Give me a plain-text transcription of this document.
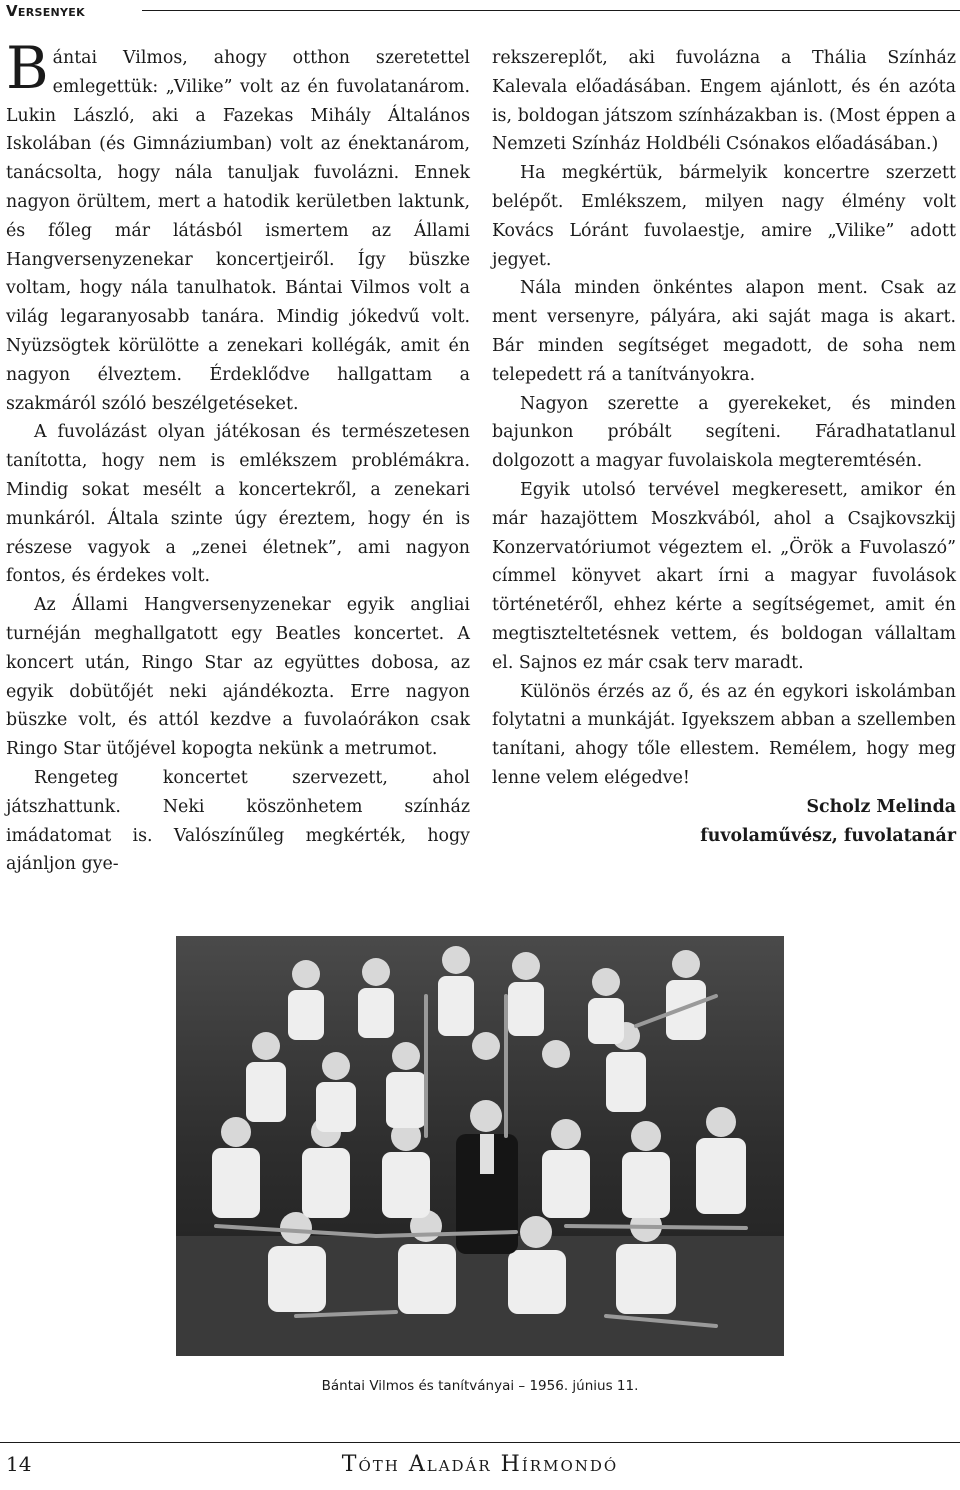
Versenyek

Bántai Vilmos, ahogy otthon szeretettel emlegettük: „Vilike” volt az én fuvolatanárom. Lukin László, aki a Fazekas Mihály Általános Iskolában (és Gimnáziumban) volt az énektanárom, tanácsolta, hogy nála tanuljak fuvolázni. Ennek nagyon örültem, mert a hatodik kerületben laktunk, és főleg már látásból ismertem az Állami Hangversenyzenekar koncertjeiről. Így büszke voltam, hogy nála tanulhatok. Bántai Vilmos volt a világ legaranyosabb tanára. Mindig jókedvű volt. Nyüzsögtek körülötte a zenekari kollégák, amit én nagyon élveztem. Érdeklődve hallgattam a szakmáról szóló beszélgetéseket.

A fuvolázást olyan játékosan és természetesen tanította, hogy nem is emlékszem problémákra. Mindig sokat mesélt a koncertekről, a zenekari munkáról. Általa szinte úgy éreztem, hogy én is részese vagyok a „zenei életnek”, ami nagyon fontos, és érdekes volt.

Az Állami Hangversenyzenekar egyik angliai turnéján meghallgatott egy Beatles koncertet. A koncert után, Ringo Star az együttes dobosa, az egyik dobütőjét neki ajándékozta. Erre nagyon büszke volt, és attól kezdve a fuvolaórákon csak Ringo Star ütőjével kopogta nekünk a metrumot.

Rengeteg koncertet szervezett, ahol játszhattunk. Neki köszönhetem színház imádatomat is. Valószínűleg megkérték, hogy ajánljon gye-

rekszereplőt, aki fuvolázna a Thália Színház Kalevala előadásában. Engem ajánlott, és én azóta is, boldogan játszom színházakban is. (Most éppen a Nemzeti Színház Holdbéli Csónakos előadásában.)

Ha megkértük, bármelyik koncertre szerzett belépőt. Emlékszem, milyen nagy élmény volt Kovács Lóránt fuvolaestje, amire „Vilike” adott jegyet.

Nála minden önkéntes alapon ment. Csak az ment versenyre, pályára, aki saját maga is akart. Bár minden segítséget megadott, de soha nem telepedett rá a tanítványokra.

Nagyon szerette a gyerekeket, és minden bajunkon próbált segíteni. Fáradhatatlanul dolgozott a magyar fuvolaiskola megteremtésén.

Egyik utolsó tervével megkeresett, amikor én már hazajöttem Moszkvából, ahol a Csajkovszkij Konzervatóriumot végeztem el. „Örök a Fuvolaszó” címmel könyvet akart írni a magyar fuvolások történetéről, ehhez kérte a segítségemet, amit én megtiszteltetésnek vettem, és boldogan vállaltam el. Sajnos ez már csak terv maradt.

Különös érzés az ő, és az én egykori iskolámban folytatni a munkáját. Igyekszem abban a szellemben tanítani, ahogy tőle ellestem. Remélem, hogy meg lenne velem elégedve!

Scholz Melinda

fuvolaművész, fuvolatanár

Bántai Vilmos és tanítványai – 1956. június 11.
14	Tóth Aladár Hírmondó
